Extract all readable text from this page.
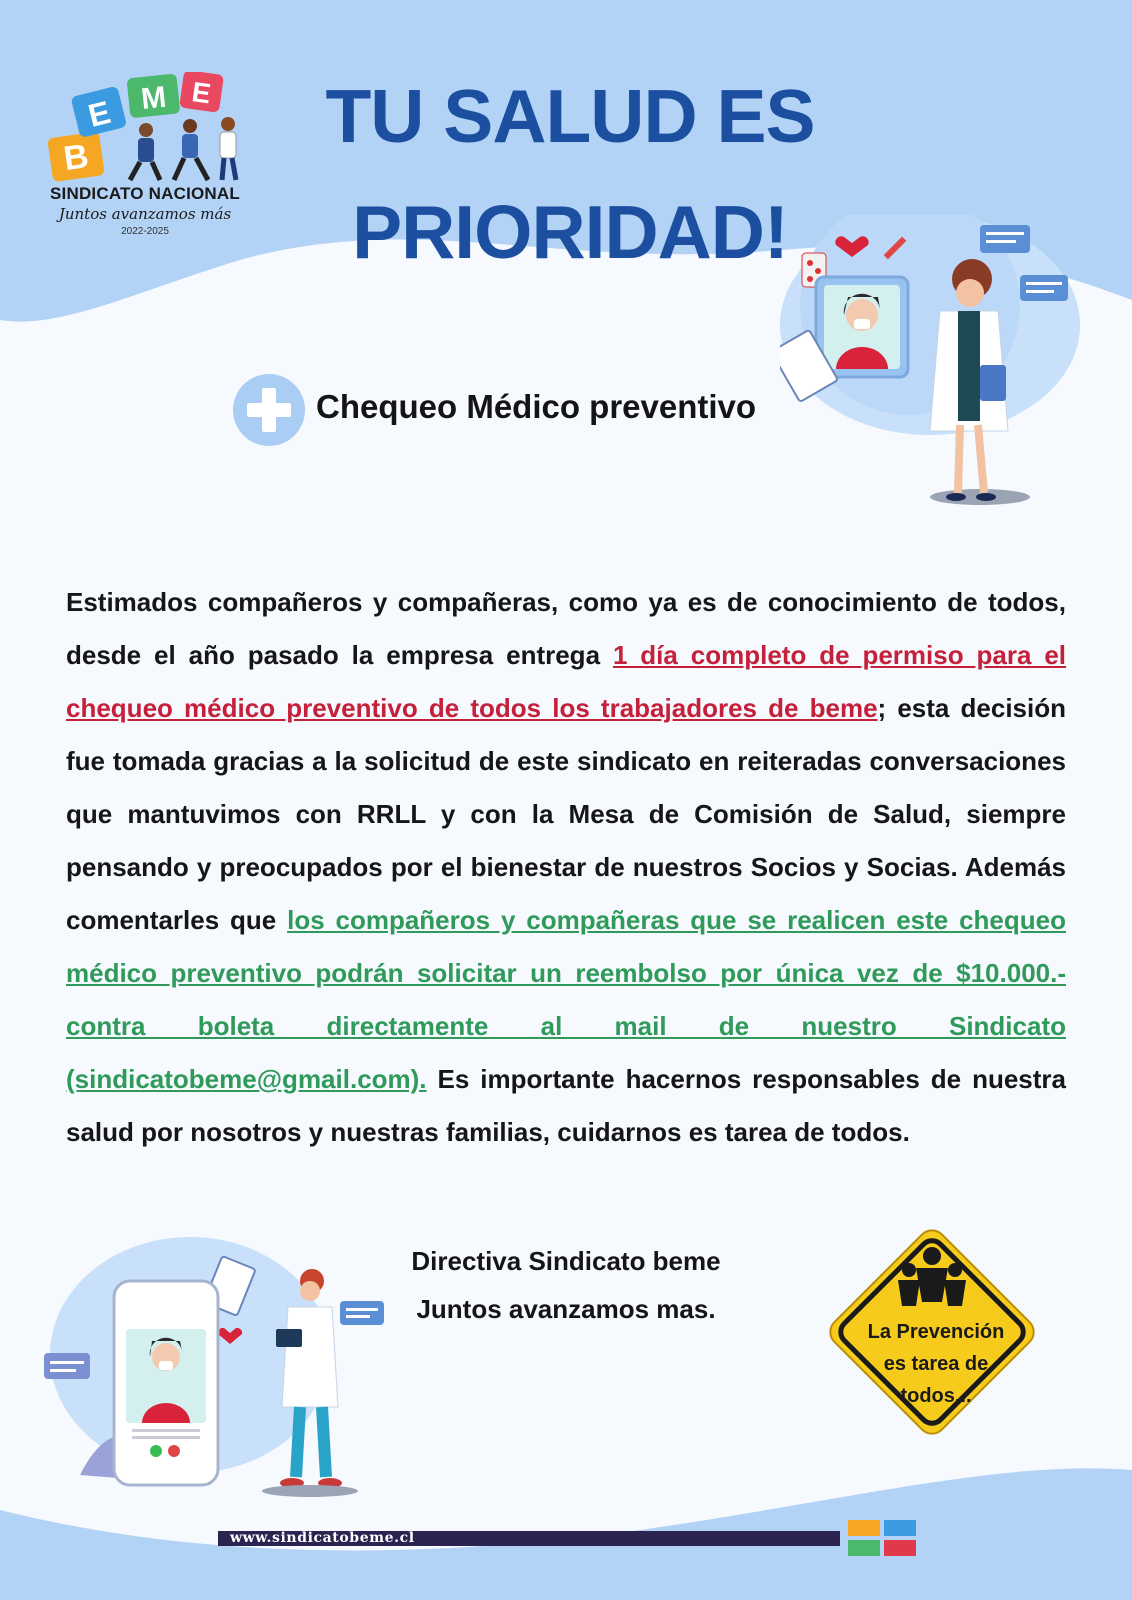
B
E M E
SINDICATO NACIONAL
Juntos avanzamos más
2022-2025
TU SALUD ES
PRIORIDAD!
Chequeo Médico preventivo

Estimados compañeros y compañeras, como ya es de conocimiento de todos, desde el año pasado la empresa entrega 1 día completo de permiso para el chequeo médico preventivo de todos los trabajadores de beme; esta decisión fue tomada gracias a la solicitud de este sindicato en reiteradas conversaciones que mantuvimos con RRLL y con la Mesa de Comisión de Salud, siempre pensando y preocupados por el bienestar de nuestros Socios y Socias. Además comentarles que los compañeros y compañeras que se realicen este chequeo médico preventivo podrán solicitar un reembolso por única vez de $10.000.- contra boleta directamente al mail de nuestro Sindicato (sindicatobeme@gmail.com). Es importante hacernos responsables de nuestra salud por nosotros y nuestras familias, cuidarnos es tarea de todos.

Directiva Sindicato beme
Juntos avanzamos mas.
La Prevención
es tarea de
todos...
www.sindicatobeme.cl
